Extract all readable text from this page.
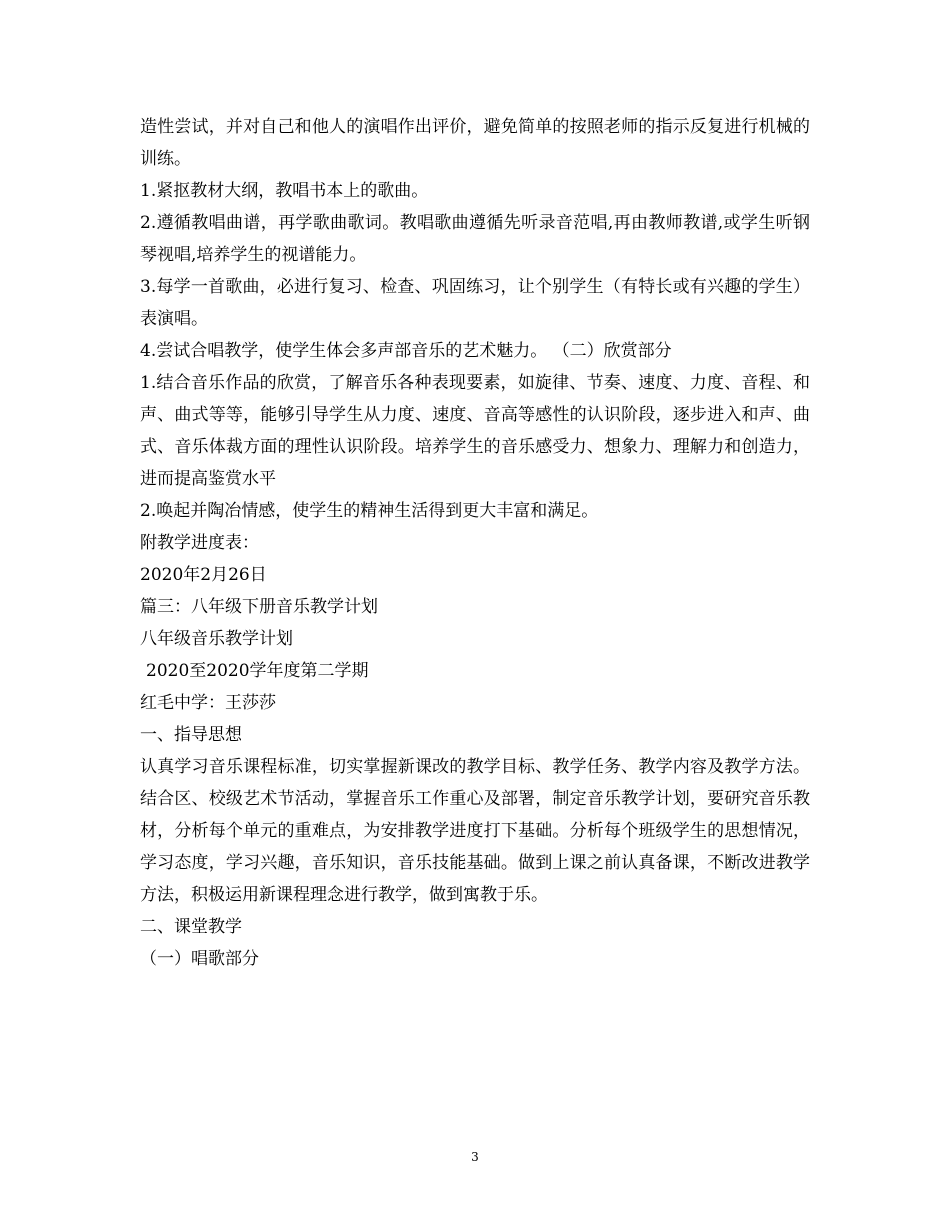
造性尝试，并对自己和他人的演唱作出评价，避免简单的按照老师的指示反复进行机械的训练。

1.紧抠教材大纲，教唱书本上的歌曲。

2.遵循教唱曲谱，再学歌曲歌词。教唱歌曲遵循先听录音范唱,再由教师教谱,或学生听钢琴视唱,培养学生的视谱能力。

3.每学一首歌曲，必进行复习、检查、巩固练习，让个别学生（有特长或有兴趣的学生）表演唱。

4.尝试合唱教学，使学生体会多声部音乐的艺术魅力。 （二）欣赏部分

1.结合音乐作品的欣赏，了解音乐各种表现要素，如旋律、节奏、速度、力度、音程、和声、曲式等等，能够引导学生从力度、速度、音高等感性的认识阶段，逐步进入和声、曲式、音乐体裁方面的理性认识阶段。培养学生的音乐感受力、想象力、理解力和创造力，进而提高鉴赏水平

2.唤起并陶冶情感，使学生的精神生活得到更大丰富和满足。

附教学进度表：

2020年2月26日

篇三：八年级下册音乐教学计划

八年级音乐教学计划

2020至2020学年度第二学期

红毛中学：王莎莎

一、指导思想

认真学习音乐课程标准，切实掌握新课改的教学目标、教学任务、教学内容及教学方法。结合区、校级艺术节活动，掌握音乐工作重心及部署，制定音乐教学计划，要研究音乐教材，分析每个单元的重难点，为安排教学进度打下基础。分析每个班级学生的思想情况，学习态度，学习兴趣，音乐知识，音乐技能基础。做到上课之前认真备课，不断改进教学方法，积极运用新课程理念进行教学，做到寓教于乐。

二、课堂教学

（一）唱歌部分

3
